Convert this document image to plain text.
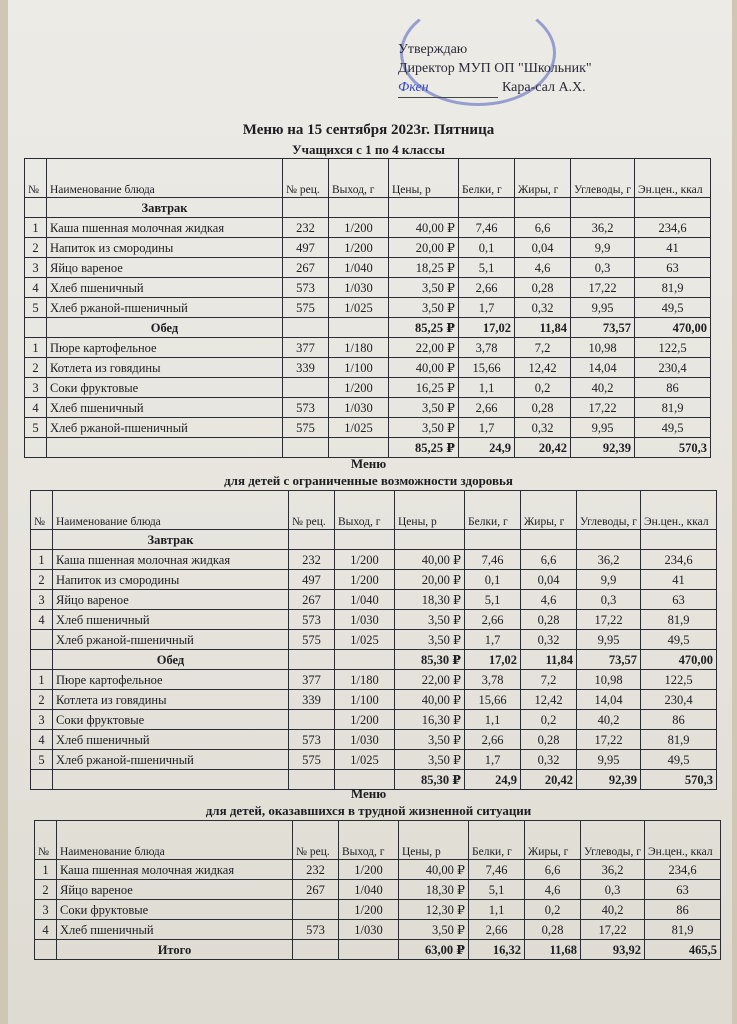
Утверждаю
Директор МУП ОП "Школьник"
Фкен	Кара-сал А.Х.
Меню на 15 сентября 2023г. Пятница
Учащихся с 1 по 4 классы
№	Наименование блюда	№ рец.	Выход, г	Цены, р	Белки, г	Жиры, г	Углеводы, г	Эн.цен., ккал
	Завтрак							
1	Каша пшенная молочная жидкая	232	1/200	40,00 ₽	7,46	6,6	36,2	234,6
2	Напиток из смородины	497	1/200	20,00 ₽	0,1	0,04	9,9	41
3	Яйцо вареное	267	1/040	18,25 ₽	5,1	4,6	0,3	63
4	Хлеб пшеничный	573	1/030	3,50 ₽	2,66	0,28	17,22	81,9
5	Хлеб ржаной-пшеничный	575	1/025	3,50 ₽	1,7	0,32	9,95	49,5
	Обед			85,25 ₽	17,02	11,84	73,57	470,00
1	Пюре картофельное	377	1/180	22,00 ₽	3,78	7,2	10,98	122,5
2	Котлета из говядины	339	1/100	40,00 ₽	15,66	12,42	14,04	230,4
3	Соки фруктовые		1/200	16,25 ₽	1,1	0,2	40,2	86
4	Хлеб пшеничный	573	1/030	3,50 ₽	2,66	0,28	17,22	81,9
5	Хлеб ржаной-пшеничный	575	1/025	3,50 ₽	1,7	0,32	9,95	49,5
				85,25 ₽	24,9	20,42	92,39	570,3
Меню
для детей с ограниченные возможности здоровья
№	Наименование блюда	№ рец.	Выход, г	Цены, р	Белки, г	Жиры, г	Углеводы, г	Эн.цен., ккал
	Завтрак							
1	Каша пшенная молочная жидкая	232	1/200	40,00 ₽	7,46	6,6	36,2	234,6
2	Напиток из смородины	497	1/200	20,00 ₽	0,1	0,04	9,9	41
3	Яйцо вареное	267	1/040	18,30 ₽	5,1	4,6	0,3	63
4	Хлеб пшеничный	573	1/030	3,50 ₽	2,66	0,28	17,22	81,9
	Хлеб ржаной-пшеничный	575	1/025	3,50 ₽	1,7	0,32	9,95	49,5
	Обед			85,30 ₽	17,02	11,84	73,57	470,00
1	Пюре картофельное	377	1/180	22,00 ₽	3,78	7,2	10,98	122,5
2	Котлета из говядины	339	1/100	40,00 ₽	15,66	12,42	14,04	230,4
3	Соки фруктовые		1/200	16,30 ₽	1,1	0,2	40,2	86
4	Хлеб пшеничный	573	1/030	3,50 ₽	2,66	0,28	17,22	81,9
5	Хлеб ржаной-пшеничный	575	1/025	3,50 ₽	1,7	0,32	9,95	49,5
				85,30 ₽	24,9	20,42	92,39	570,3
Меню
для детей, оказавшихся в трудной жизненной ситуации
№	Наименование блюда	№ рец.	Выход, г	Цены, р	Белки, г	Жиры, г	Углеводы, г	Эн.цен., ккал
1	Каша пшенная молочная жидкая	232	1/200	40,00 ₽	7,46	6,6	36,2	234,6
2	Яйцо вареное	267	1/040	18,30 ₽	5,1	4,6	0,3	63
3	Соки фруктовые		1/200	12,30 ₽	1,1	0,2	40,2	86
4	Хлеб пшеничный	573	1/030	3,50 ₽	2,66	0,28	17,22	81,9
	Итого			63,00 ₽	16,32	11,68	93,92	465,5
